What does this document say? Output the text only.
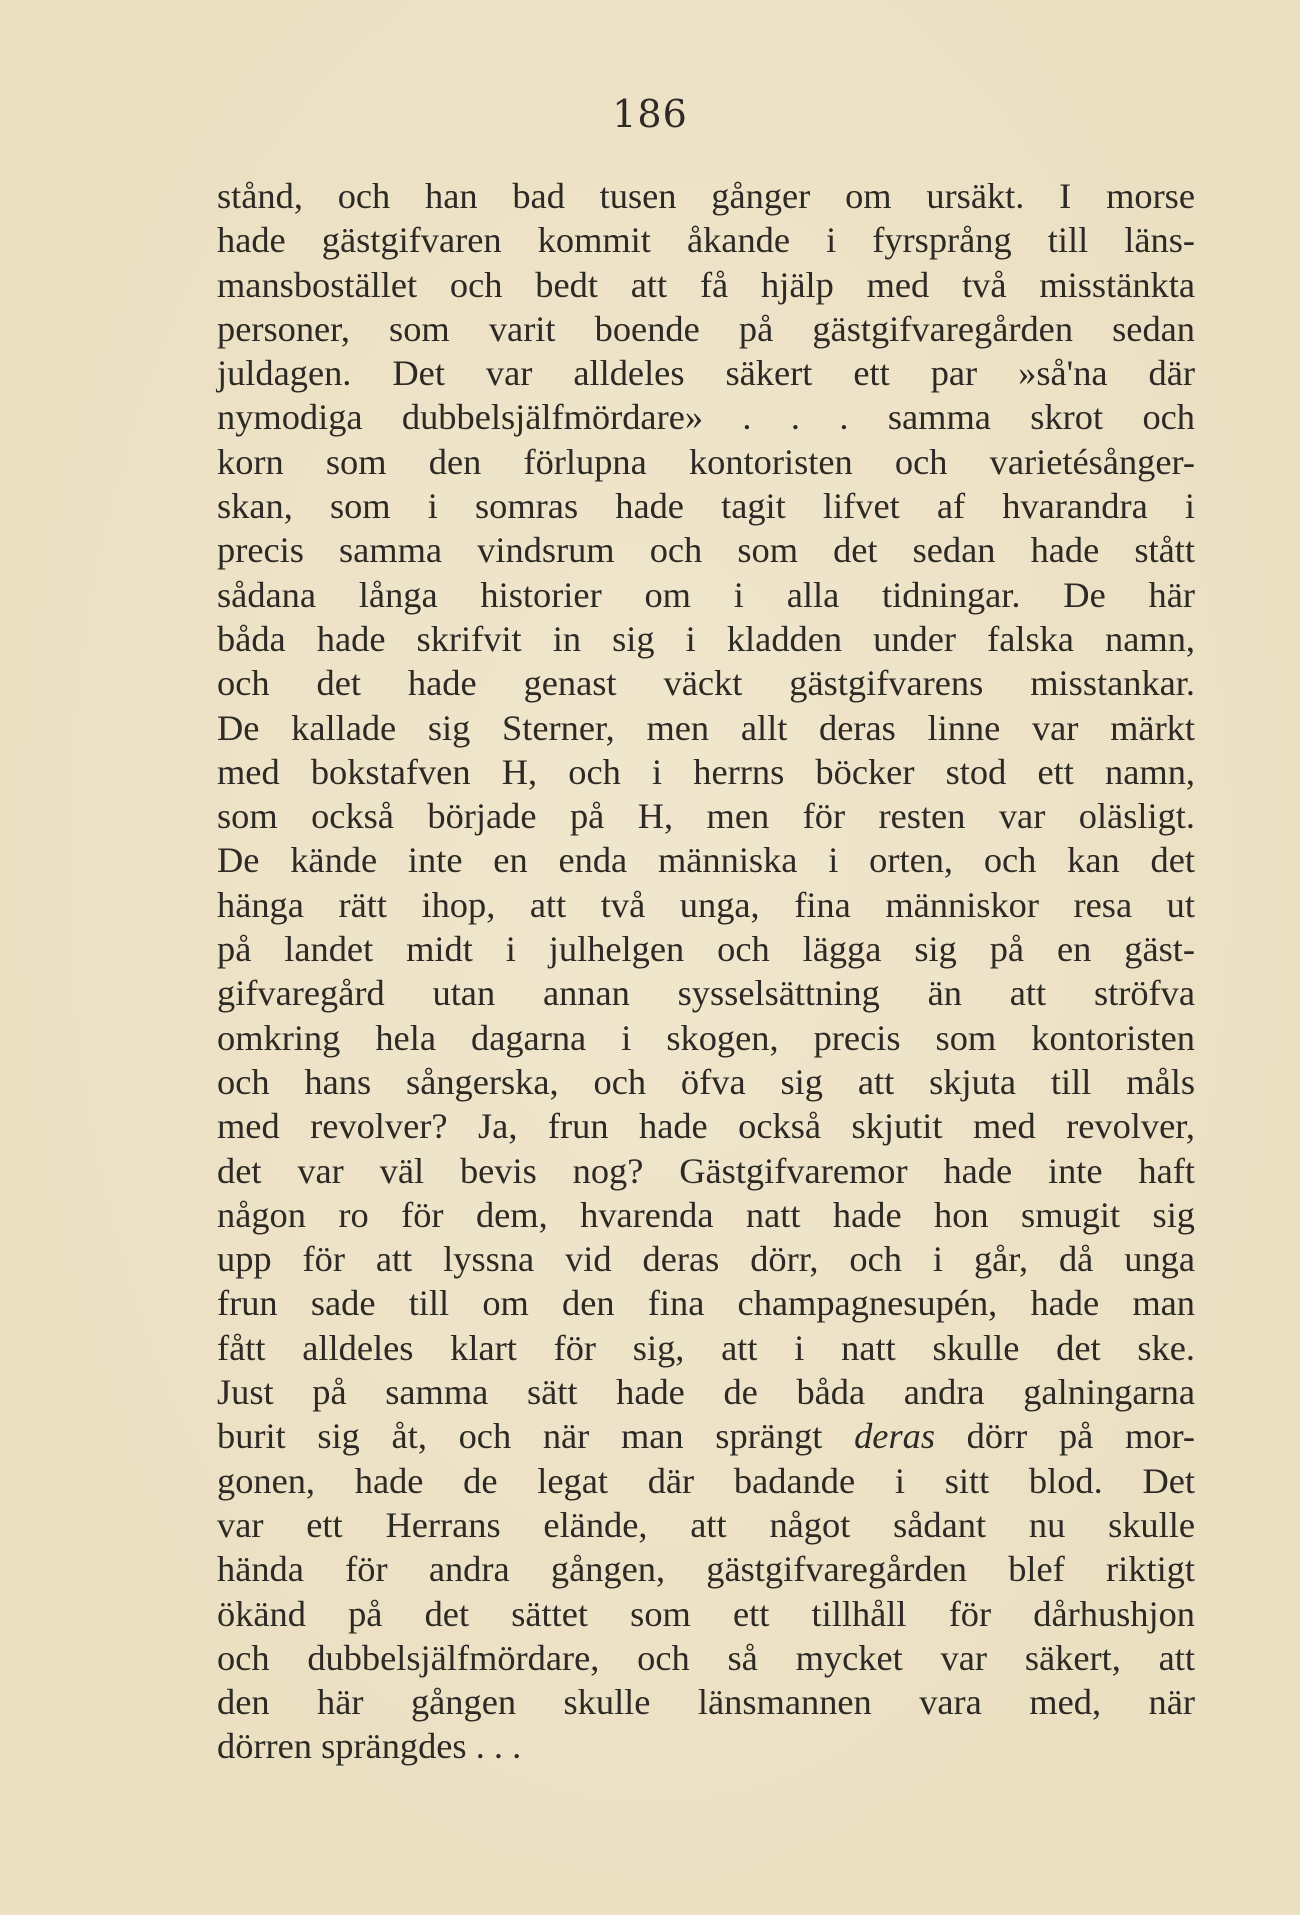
186
stånd, och han bad tusen gånger om ursäkt. I morse
hade gästgifvaren kommit åkande i fyrsprång till läns-
mansbostället och bedt att få hjälp med två misstänkta
personer, som varit boende på gästgifvaregården sedan
juldagen. Det var alldeles säkert ett par »så'na där
nymodiga dubbelsjälfmördare» . . . samma skrot och
korn som den förlupna kontoristen och varietésånger-
skan, som i somras hade tagit lifvet af hvarandra i
precis samma vindsrum och som det sedan hade stått
sådana långa historier om i alla tidningar. De här
båda hade skrifvit in sig i kladden under falska namn,
och det hade genast väckt gästgifvarens misstankar.
De kallade sig Sterner, men allt deras linne var märkt
med bokstafven H, och i herrns böcker stod ett namn,
som också började på H, men för resten var oläsligt.
De kände inte en enda människa i orten, och kan det
hänga rätt ihop, att två unga, fina människor resa ut
på landet midt i julhelgen och lägga sig på en gäst-
gifvaregård utan annan sysselsättning än att ströfva
omkring hela dagarna i skogen, precis som kontoristen
och hans sångerska, och öfva sig att skjuta till måls
med revolver? Ja, frun hade också skjutit med revolver,
det var väl bevis nog? Gästgifvaremor hade inte haft
någon ro för dem, hvarenda natt hade hon smugit sig
upp för att lyssna vid deras dörr, och i går, då unga
frun sade till om den fina champagnesupén, hade man
fått alldeles klart för sig, att i natt skulle det ske.
Just på samma sätt hade de båda andra galningarna
burit sig åt, och när man sprängt deras dörr på mor-
gonen, hade de legat där badande i sitt blod. Det
var ett Herrans elände, att något sådant nu skulle
hända för andra gången, gästgifvaregården blef riktigt
ökänd på det sättet som ett tillhåll för dårhushjon
och dubbelsjälfmördare, och så mycket var säkert, att
den här gången skulle länsmannen vara med, när
dörren sprängdes . . .
